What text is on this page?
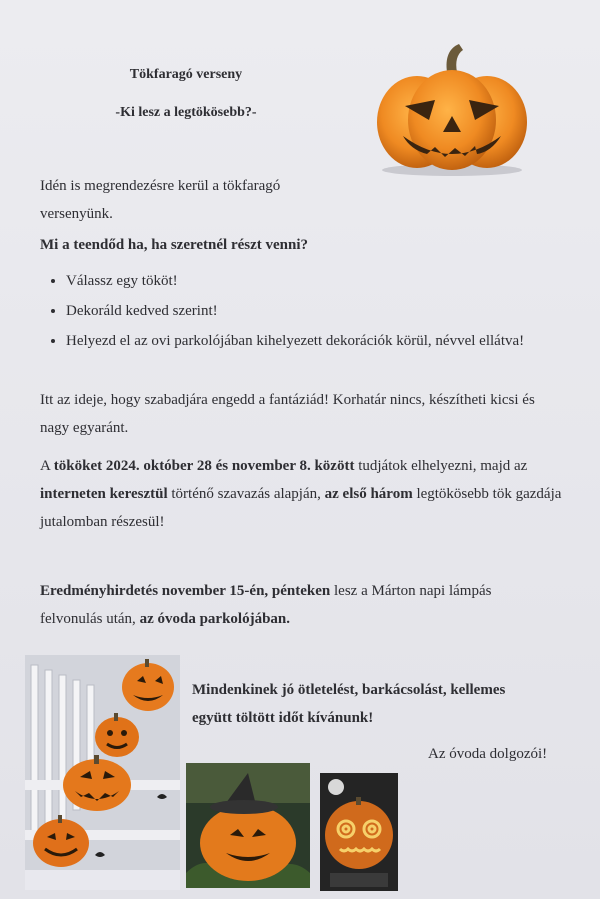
Tökfaragó verseny

-Ki lesz a legtökösebb?-

Idén is megrendezésre kerül a tökfaragó versenyünk.
Mi a teendőd ha, ha szeretnél részt venni?
• Válassz egy tököt!
• Dekoráld kedved szerint!
• Helyezd el az ovi parkolójában kihelyezett dekorációk körül, névvel ellátva!
Itt az ideje, hogy szabadjára engedd a fantáziád! Korhatár nincs, készítheti kicsi és nagy egyaránt.
A tököket 2024. október 28 és november 8. között tudjátok elhelyezni, majd az interneten keresztül történő szavazás alapján, az első három legtökösebb tök gazdája jutalomban részesül!
Eredményhirdetés november 15-én, pénteken lesz a Márton napi lámpás felvonulás után, az óvoda parkolójában.
Mindenkinek jó ötletelést, barkácsolást, kellemes együtt töltött időt kívánunk!
Az óvoda dolgozói!
